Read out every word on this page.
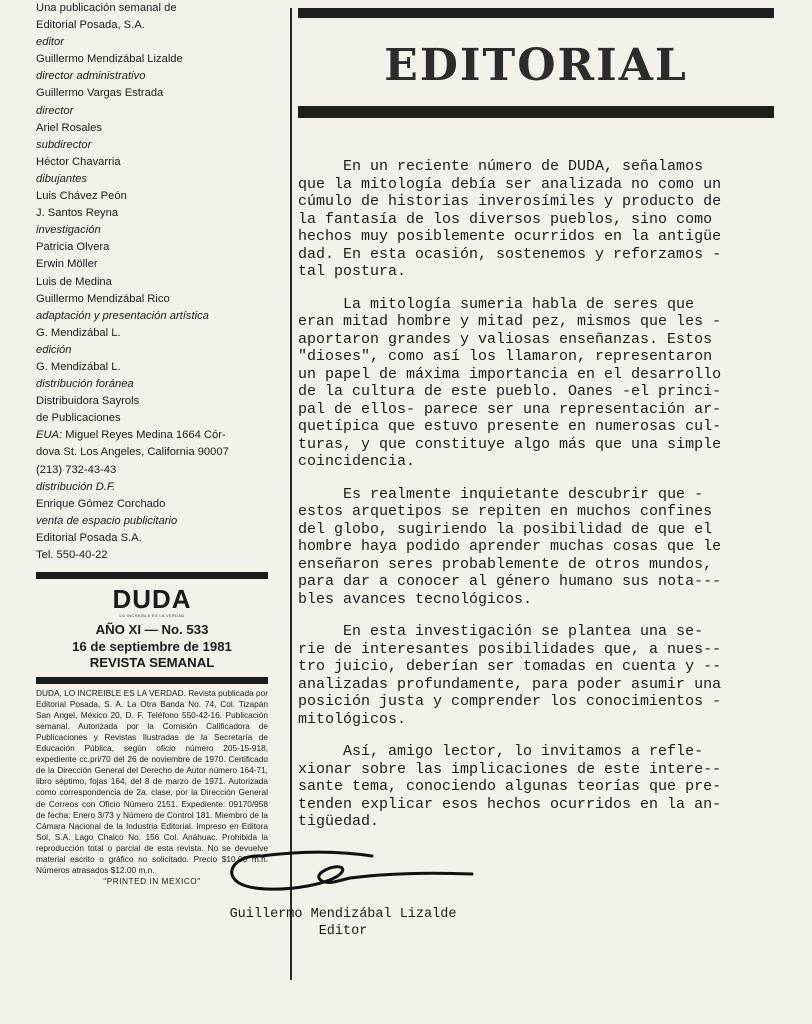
Una publicación semanal de
Editorial Posada, S.A.
editor
Guillermo Mendizábal Lizalde
director administrativo
Guillermo Vargas Estrada
director
Ariel Rosales
subdirector
Héctor Chavarria
dibujantes
Luis Chávez Peón
J. Santos Reyna
investigación
Patricia Olvera
Erwin Möller
Luis de Medina
Guillermo Mendizábal Rico
adaptación y presentación artística
G. Mendizábal L.
edición
G. Mendizábal L.
distribución foránea
Distribuidora Sayrols
de Publicaciones
EUA: Miguel Reyes Medina 1664 Cór-
dova St. Los Angeles, California 90007
(213) 732-43-43
distribución D.F.
Enrique Gómez Corchado
venta de espacio publicitario
Editorial Posada S.A.
Tel. 550-40-22
DUDA
LO INCREIBLE ES LA VERDAD
AÑO XI — No. 533
16 de septiembre de 1981
REVISTA SEMANAL
DUDA, LO INCREIBLE ES LA VERDAD. Revista publicada por Editorial Posada, S. A. La Otra Banda No. 74, Col. Tizapán San Angel, México 20, D. F. Teléfono 550-42-16. Publicación semanal. Autorizada por la Comisión Calificadora de Publicaciones y Revistas Ilustradas de la Secretaría de Educación Pública, según oficio número 205-15-918, expediente cc.pri/70 del 26 de noviembre de 1970. Certificado de la Dirección General del Derecho de Autor número 164-71, libro séptimo, fojas 164, del 8 de marzo de 1971. Autorizada como correspondencia de 2a. clase, por la Dirección General de Correos con Oficio Número 2151. Expediente: 09170/958 de fecha: Enero 3/73 y Número de Control 181. Miembro de la Cámara Nacional de la Industria Editorial. Impreso en Editora Sol, S.A. Lago Chalco No. 156 Col. Anáhuac. Prohibida la reproducción total o parcial de esta revista. No se devuelve material escrito o gráfico no solicitado. Precio $10.00 m.n. Números atrasados $12.00 m.n.
"PRINTED IN MEXICO"
EDITORIAL

En un reciente número de DUDA, señalamos
que la mitología debía ser analizada no como un
cúmulo de historias inverosímiles y producto de
la fantasía de los diversos pueblos, sino como
hechos muy posiblemente ocurridos en la antigüe
dad. En esta ocasión, sostenemos y reforzamos -
tal postura.

La mitología sumeria habla de seres que
eran mitad hombre y mitad pez, mismos que les -
aportaron grandes y valiosas enseñanzas. Estos
"dioses", como así los llamaron, representaron
un papel de máxima importancia en el desarrollo
de la cultura de este pueblo. Oanes -el princi-
pal de ellos- parece ser una representación ar-
quetípica que estuvo presente en numerosas cul-
turas, y que constituye algo más que una simple
coincidencia.

Es realmente inquietante descubrir que -
estos arquetipos se repiten en muchos confines
del globo, sugiriendo la posibilidad de que el
hombre haya podido aprender muchas cosas que le
enseñaron seres probablemente de otros mundos,
para dar a conocer al género humano sus nota---
bles avances tecnológicos.

En esta investigación se plantea una se-
rie de interesantes posibilidades que, a nues--
tro juicio, deberían ser tomadas en cuenta y --
analizadas profundamente, para poder asumir una
posición justa y comprender los conocimientos -
mitológicos.

Así, amigo lector, lo invitamos a refle-
xionar sobre las implicaciones de este intere--
sante tema, conociendo algunas teorías que pre-
tenden explicar esos hechos ocurridos en la an-
tigüedad.

Guillermo Mendizábal Lizalde
Editor
